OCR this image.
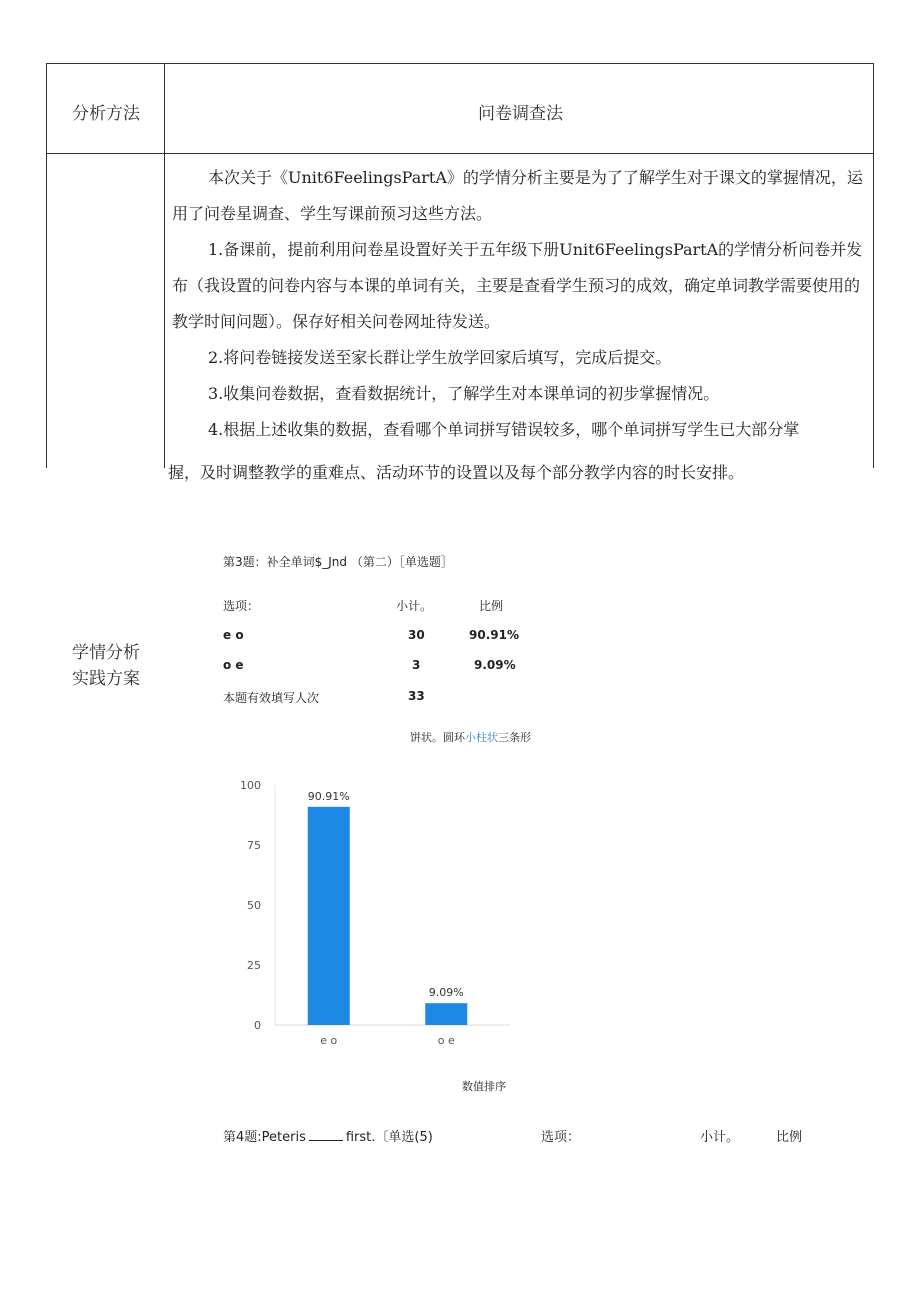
分析方法	问卷调查法

本次关于《Unit6FeelingsPartA》的学情分析主要是为了了解学生对于课文的掌握情况，运用了问卷星调查、学生写课前预习这些方法。

1.备课前，提前利用问卷星设置好关于五年级下册Unit6FeelingsPartA的学情分析问卷并发布（我设置的问卷内容与本课的单词有关，主要是查看学生预习的成效，确定单词教学需要使用的教学时间问题）。保存好相关问卷网址待发送。

2.将问卷链接发送至家长群让学生放学回家后填写，完成后提交。

3.收集问卷数据，查看数据统计，了解学生对本课单词的初步掌握情况。

4.根据上述收集的数据，查看哪个单词拼写错误较多，哪个单词拼写学生已大部分掌

握，及时调整教学的重难点、活动环节的设置以及每个部分教学内容的时长安排。
学情分析实践方案
第3题：补全单词$_Jnd （第二）［单选题］
选项：	小计。	比例
e o	30	90.91%
o e	3	9.09%
本题有效填写人次	33
饼状。圆环小柱状三条形
0
25
50
75
100
90.91%
e o
9.09%
o e
数值排序
第4题:Peteris	first.〔单选(5)	选项：	小计。	比例
